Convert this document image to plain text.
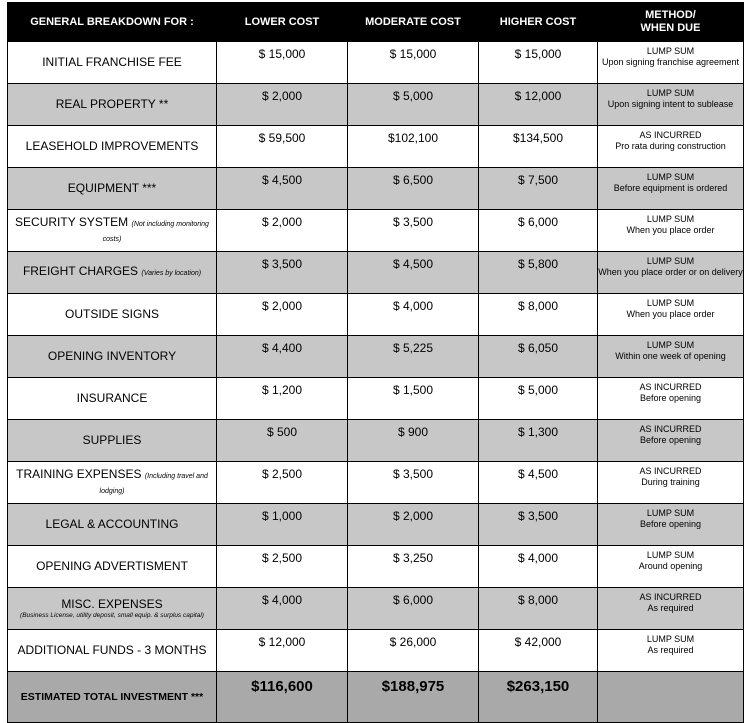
GENERAL BREAKDOWN FOR :	LOWER COST	MODERATE COST	HIGHER COST	METHOD/
WHEN DUE
INITIAL FRANCHISE FEE	$ 15,000	$ 15,000	$ 15,000	LUMP SUM
Upon signing franchise agreement
REAL PROPERTY **	$ 2,000	$ 5,000	$ 12,000	LUMP SUM
Upon signing intent to sublease
LEASEHOLD IMPROVEMENTS	$ 59,500	$102,100	$134,500	AS INCURRED
Pro rata during construction
EQUIPMENT ***	$ 4,500	$ 6,500	$ 7,500	LUMP SUM
Before equipment is ordered
SECURITY SYSTEM (Not including monitoring costs)	$ 2,000	$ 3,500	$ 6,000	LUMP SUM
When you place order
FREIGHT CHARGES (Varies by location)	$ 3,500	$ 4,500	$ 5,800	LUMP SUM
When you place order or on delivery
OUTSIDE SIGNS	$ 2,000	$ 4,000	$ 8,000	LUMP SUM
When you place order
OPENING INVENTORY	$ 4,400	$ 5,225	$ 6,050	LUMP SUM
Within one week of opening
INSURANCE	$ 1,200	$ 1,500	$ 5,000	AS INCURRED
Before opening
SUPPLIES	$ 500	$ 900	$ 1,300	AS INCURRED
Before opening
TRAINING EXPENSES (Including travel and lodging)	$ 2,500	$ 3,500	$ 4,500	AS INCURRED
During training
LEGAL & ACCOUNTING	$ 1,000	$ 2,000	$ 3,500	LUMP SUM
Before opening
OPENING ADVERTISMENT	$ 2,500	$ 3,250	$ 4,000	LUMP SUM
Around opening
MISC. EXPENSES
(Business License, utility deposit, small equip. & surplus capital)	$ 4,000	$ 6,000	$ 8,000	AS INCURRED
As required
ADDITIONAL FUNDS - 3 MONTHS	$ 12,000	$ 26,000	$ 42,000	LUMP SUM
As required
ESTIMATED TOTAL INVESTMENT ***	$116,600	$188,975	$263,150	
